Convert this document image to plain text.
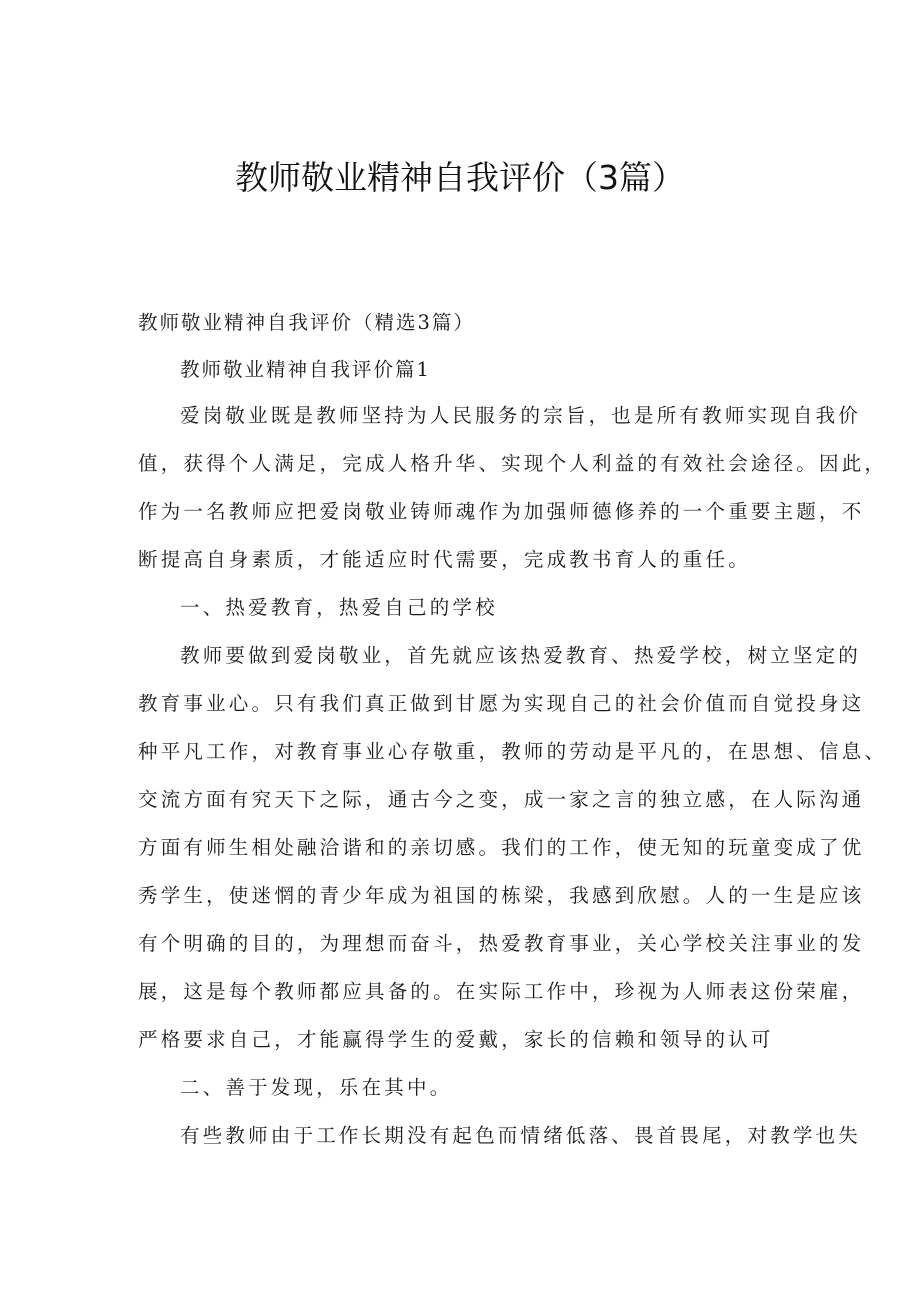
教师敬业精神自我评价（3篇）

教师敬业精神自我评价（精选3篇）

教师敬业精神自我评价篇1

爱岗敬业既是教师坚持为人民服务的宗旨，也是所有教师实现自我价

值，获得个人满足，完成人格升华、实现个人利益的有效社会途径。因此，

作为一名教师应把爱岗敬业铸师魂作为加强师德修养的一个重要主题，不

断提高自身素质，才能适应时代需要，完成教书育人的重任。

一、热爱教育，热爱自己的学校

教师要做到爱岗敬业，首先就应该热爱教育、热爱学校，树立坚定的

教育事业心。只有我们真正做到甘愿为实现自己的社会价值而自觉投身这

种平凡工作，对教育事业心存敬重，教师的劳动是平凡的，在思想、信息、

交流方面有究天下之际，通古今之变，成一家之言的独立感，在人际沟通

方面有师生相处融洽谐和的亲切感。我们的工作，使无知的玩童变成了优

秀学生，使迷惘的青少年成为祖国的栋梁，我感到欣慰。人的一生是应该

有个明确的目的，为理想而奋斗，热爱教育事业，关心学校关注事业的发

展，这是每个教师都应具备的。在实际工作中，珍视为人师表这份荣雇，

严格要求自己，才能赢得学生的爱戴，家长的信赖和领导的认可

二、善于发现，乐在其中。

有些教师由于工作长期没有起色而情绪低落、畏首畏尾，对教学也失
